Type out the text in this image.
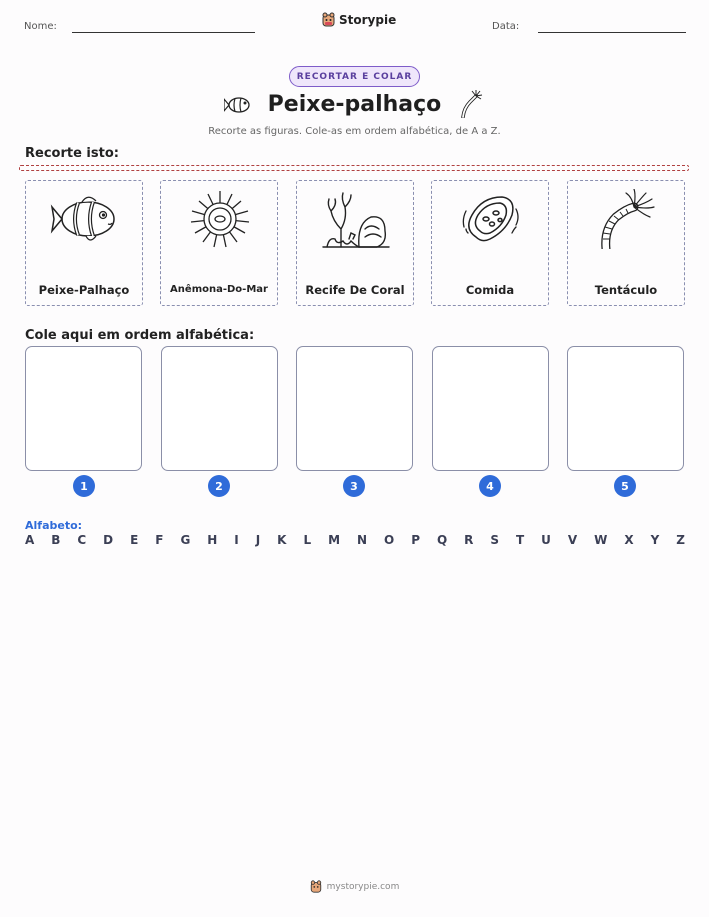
Nome:	Storypie	Data:
RECORTAR E COLAR
Peixe-palhaço
Recorte as figuras. Cole-as em ordem alfabética, de A a Z.
Recorte isto:
Peixe-Palhaço	Anêmona-Do-Mar	Recife De Coral	Comida	Tentáculo
Cole aqui em ordem alfabética:
1	2	3	4	5
Alfabeto:
A B C D E F G H I J K L M N O P Q R S T U V W X Y Z
mystorypie.com
